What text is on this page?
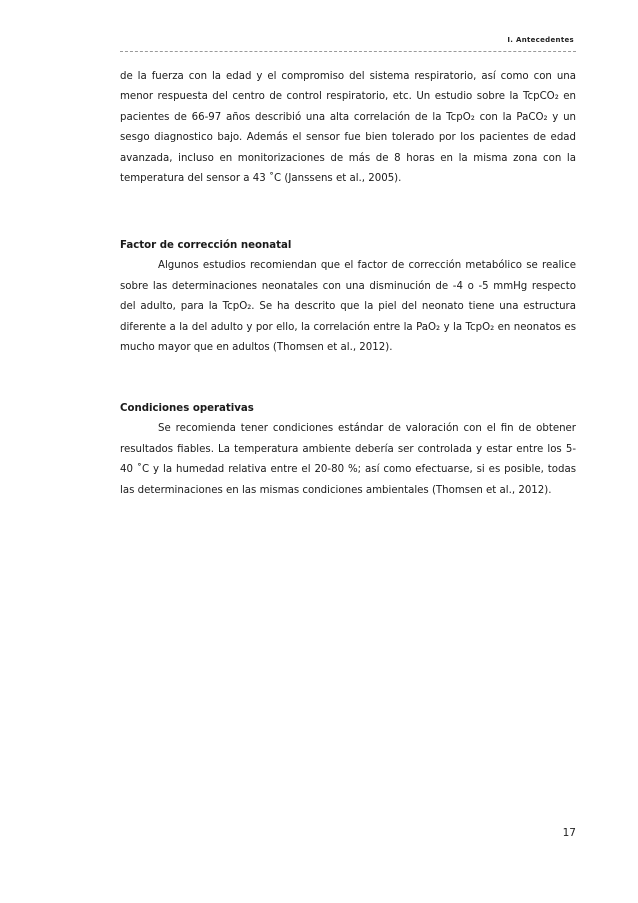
I. Antecedentes

de la fuerza con la edad y el compromiso del sistema respiratorio, así como con una menor respuesta del centro de control respiratorio, etc. Un estudio sobre la TcpCO₂ en pacientes de 66-97 años describió una alta correlación de la TcpO₂ con la PaCO₂ y un sesgo diagnostico bajo. Además el sensor fue bien tolerado por los pacientes de edad avanzada, incluso en monitorizaciones de más de 8 horas en la misma zona con la temperatura del sensor a 43 ˚C (Janssens et al., 2005).

Factor de corrección neonatal

Algunos estudios recomiendan que el factor de corrección metabólico se realice sobre las determinaciones neonatales con una disminución de -4 o -5 mmHg respecto del adulto, para la TcpO₂. Se ha descrito que la piel del neonato tiene una estructura diferente a la del adulto y por ello, la correlación entre la PaO₂ y la TcpO₂ en neonatos es mucho mayor que en adultos (Thomsen et al., 2012).

Condiciones operativas

Se recomienda tener condiciones estándar de valoración con el fin de obtener resultados fiables. La temperatura ambiente debería ser controlada y estar entre los 5-40 ˚C y la humedad relativa entre el 20-80 %; así como efectuarse, si es posible, todas las determinaciones en las mismas condiciones ambientales (Thomsen et al., 2012).

17
